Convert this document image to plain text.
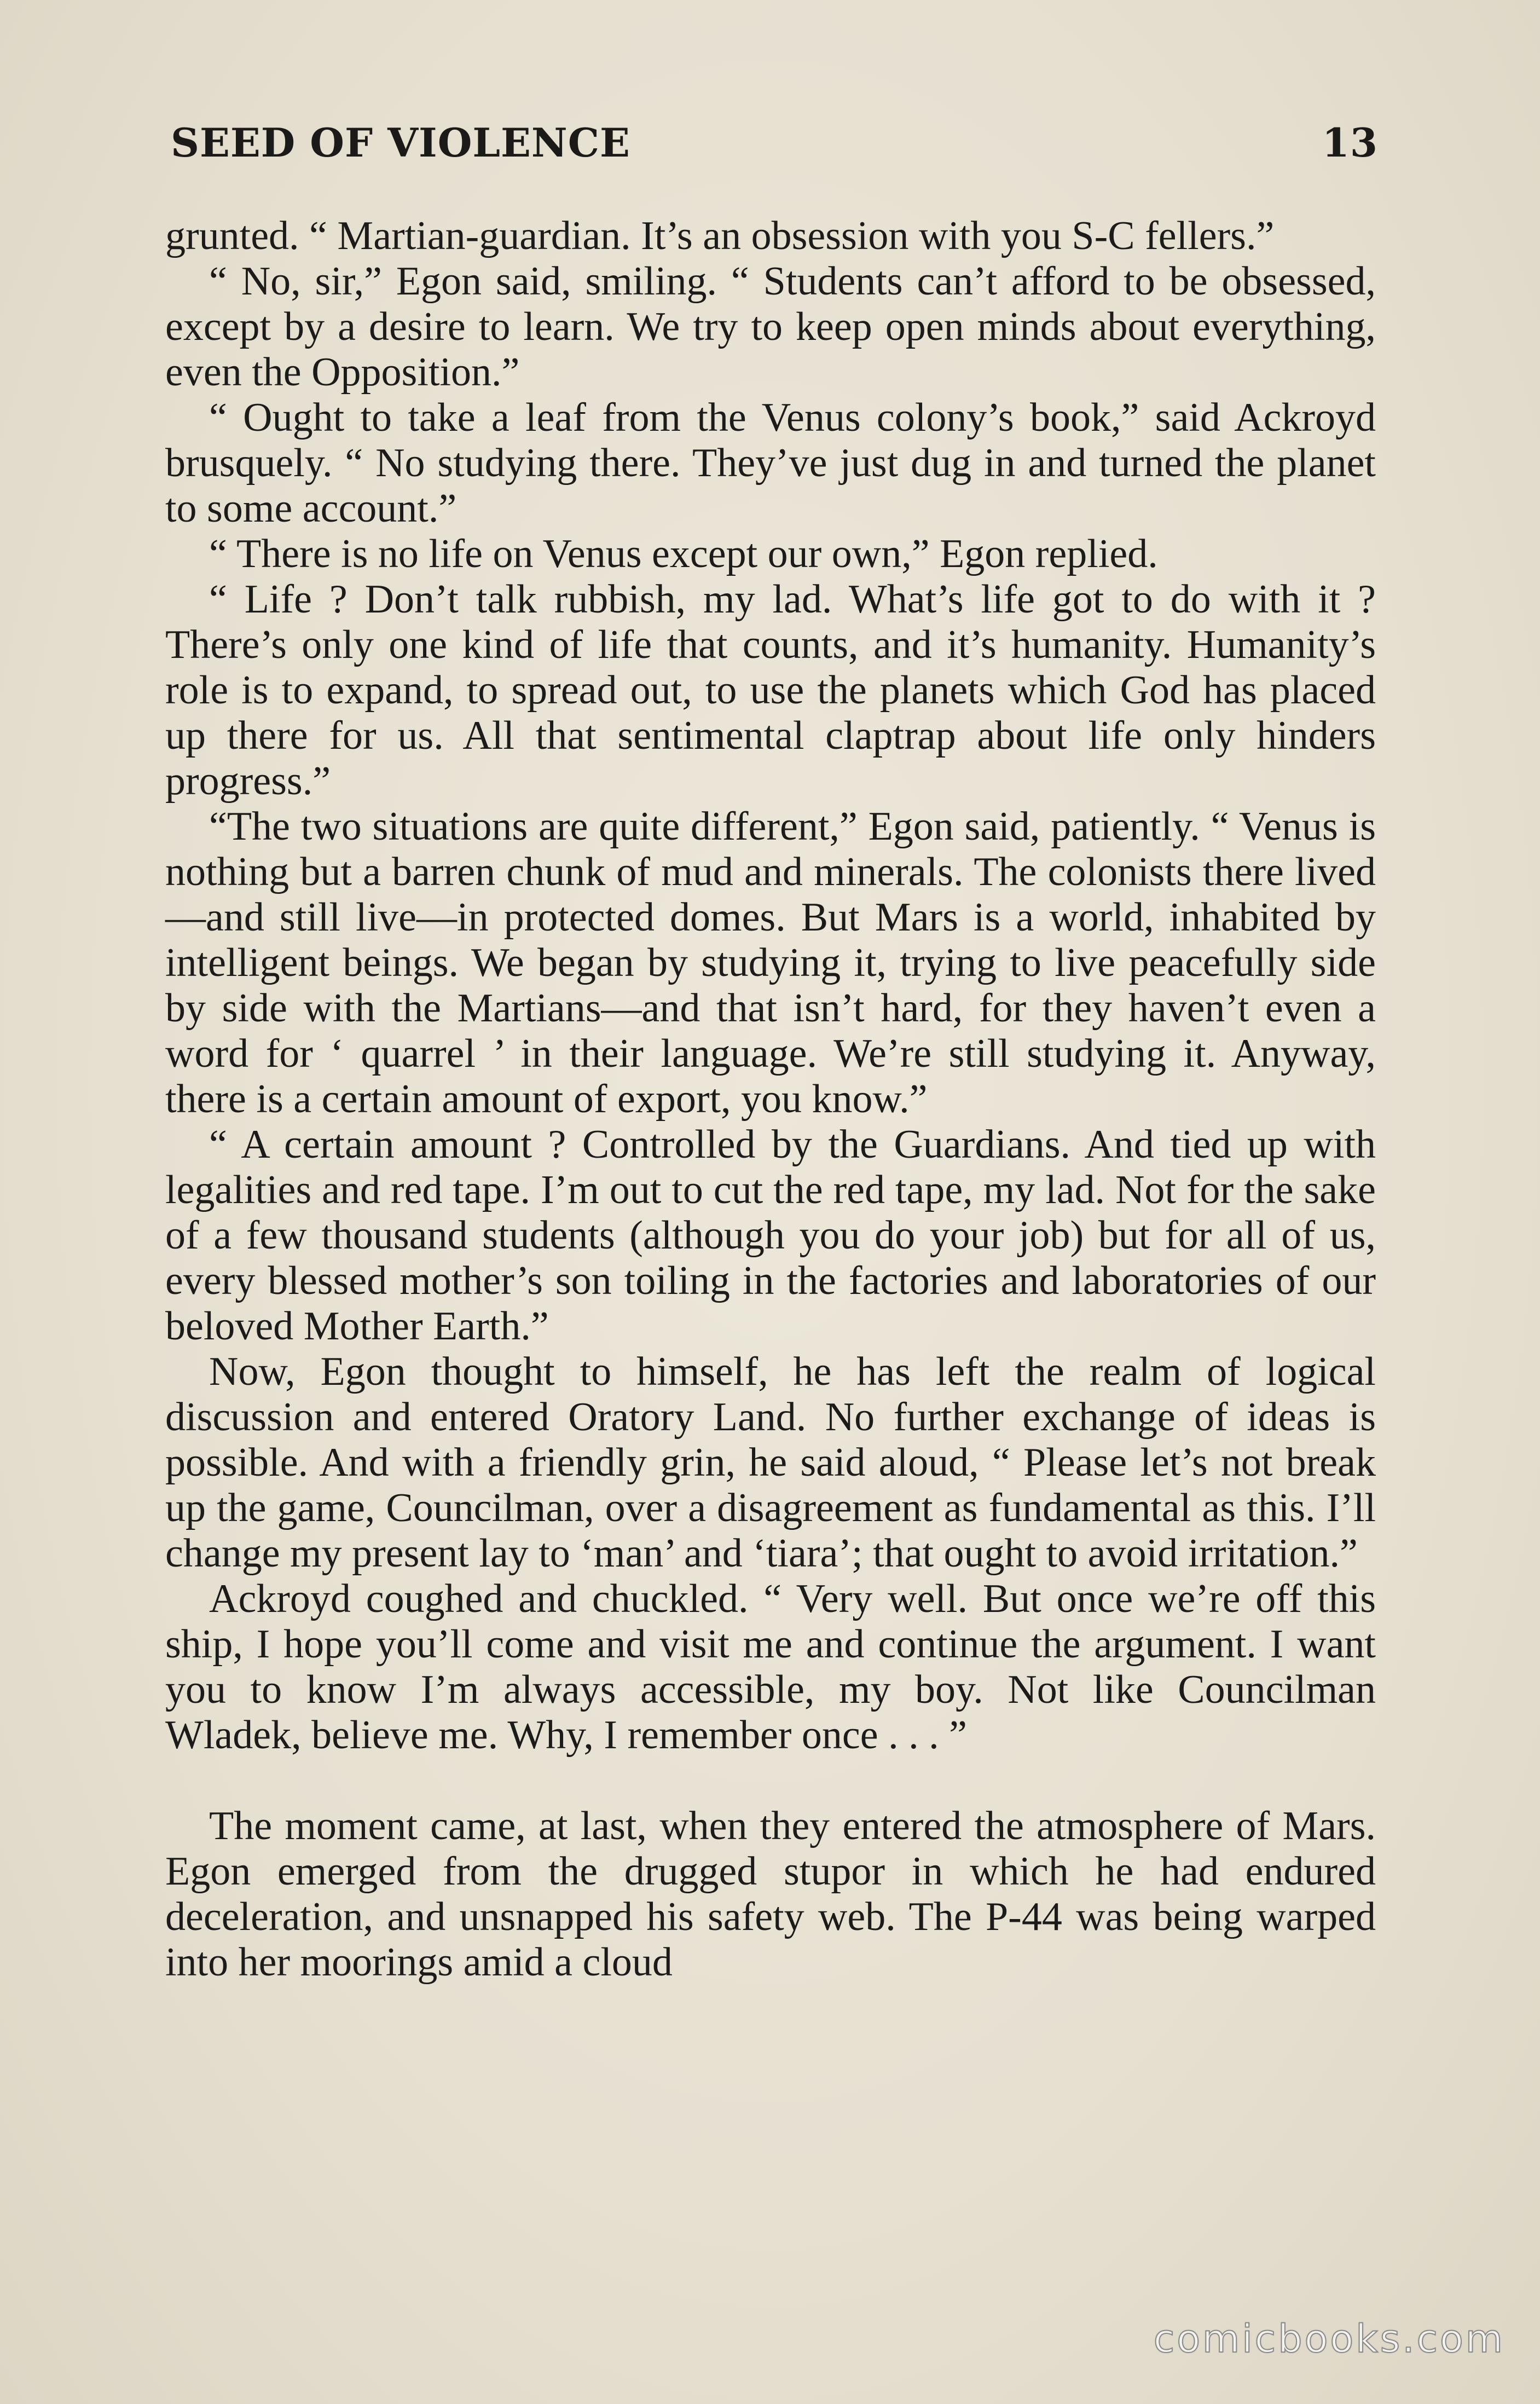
SEED OF VIOLENCE	13

grunted. “ Martian-guardian. It’s an obsession with you S-C fellers.”

“ No, sir,” Egon said, smiling. “ Students can’t afford to be obsessed, except by a desire to learn. We try to keep open minds about everything, even the Opposition.”

“ Ought to take a leaf from the Venus colony’s book,” said Ackroyd brusquely. “ No studying there. They’ve just dug in and turned the planet to some account.”

“ There is no life on Venus except our own,” Egon replied.

“ Life ? Don’t talk rubbish, my lad. What’s life got to do with it ? There’s only one kind of life that counts, and it’s humanity. Humanity’s role is to expand, to spread out, to use the planets which God has placed up there for us. All that sentimental claptrap about life only hinders progress.”

“The two situations are quite different,” Egon said, patiently. “ Venus is nothing but a barren chunk of mud and minerals. The colonists there lived—and still live—in protected domes. But Mars is a world, inhabited by intelligent beings. We began by studying it, trying to live peacefully side by side with the Martians—and that isn’t hard, for they haven’t even a word for ‘ quarrel ’ in their language. We’re still studying it. Anyway, there is a certain amount of export, you know.”

“ A certain amount ? Controlled by the Guardians. And tied up with legalities and red tape. I’m out to cut the red tape, my lad. Not for the sake of a few thousand students (although you do your job) but for all of us, every blessed mother’s son toiling in the factories and laboratories of our beloved Mother Earth.”

Now, Egon thought to himself, he has left the realm of logical discussion and entered Oratory Land. No further exchange of ideas is possible. And with a friendly grin, he said aloud, “ Please let’s not break up the game, Councilman, over a disagreement as fundamental as this. I’ll change my present lay to ‘man’ and ‘tiara’; that ought to avoid irritation.”

Ackroyd coughed and chuckled. “ Very well. But once we’re off this ship, I hope you’ll come and visit me and continue the argument. I want you to know I’m always accessible, my boy. Not like Councilman Wladek, believe me. Why, I remember once . . . ”

The moment came, at last, when they entered the atmosphere of Mars. Egon emerged from the drugged stupor in which he had endured deceleration, and unsnapped his safety web. The P-44 was being warped into her moorings amid a cloud

comicbooks.com
